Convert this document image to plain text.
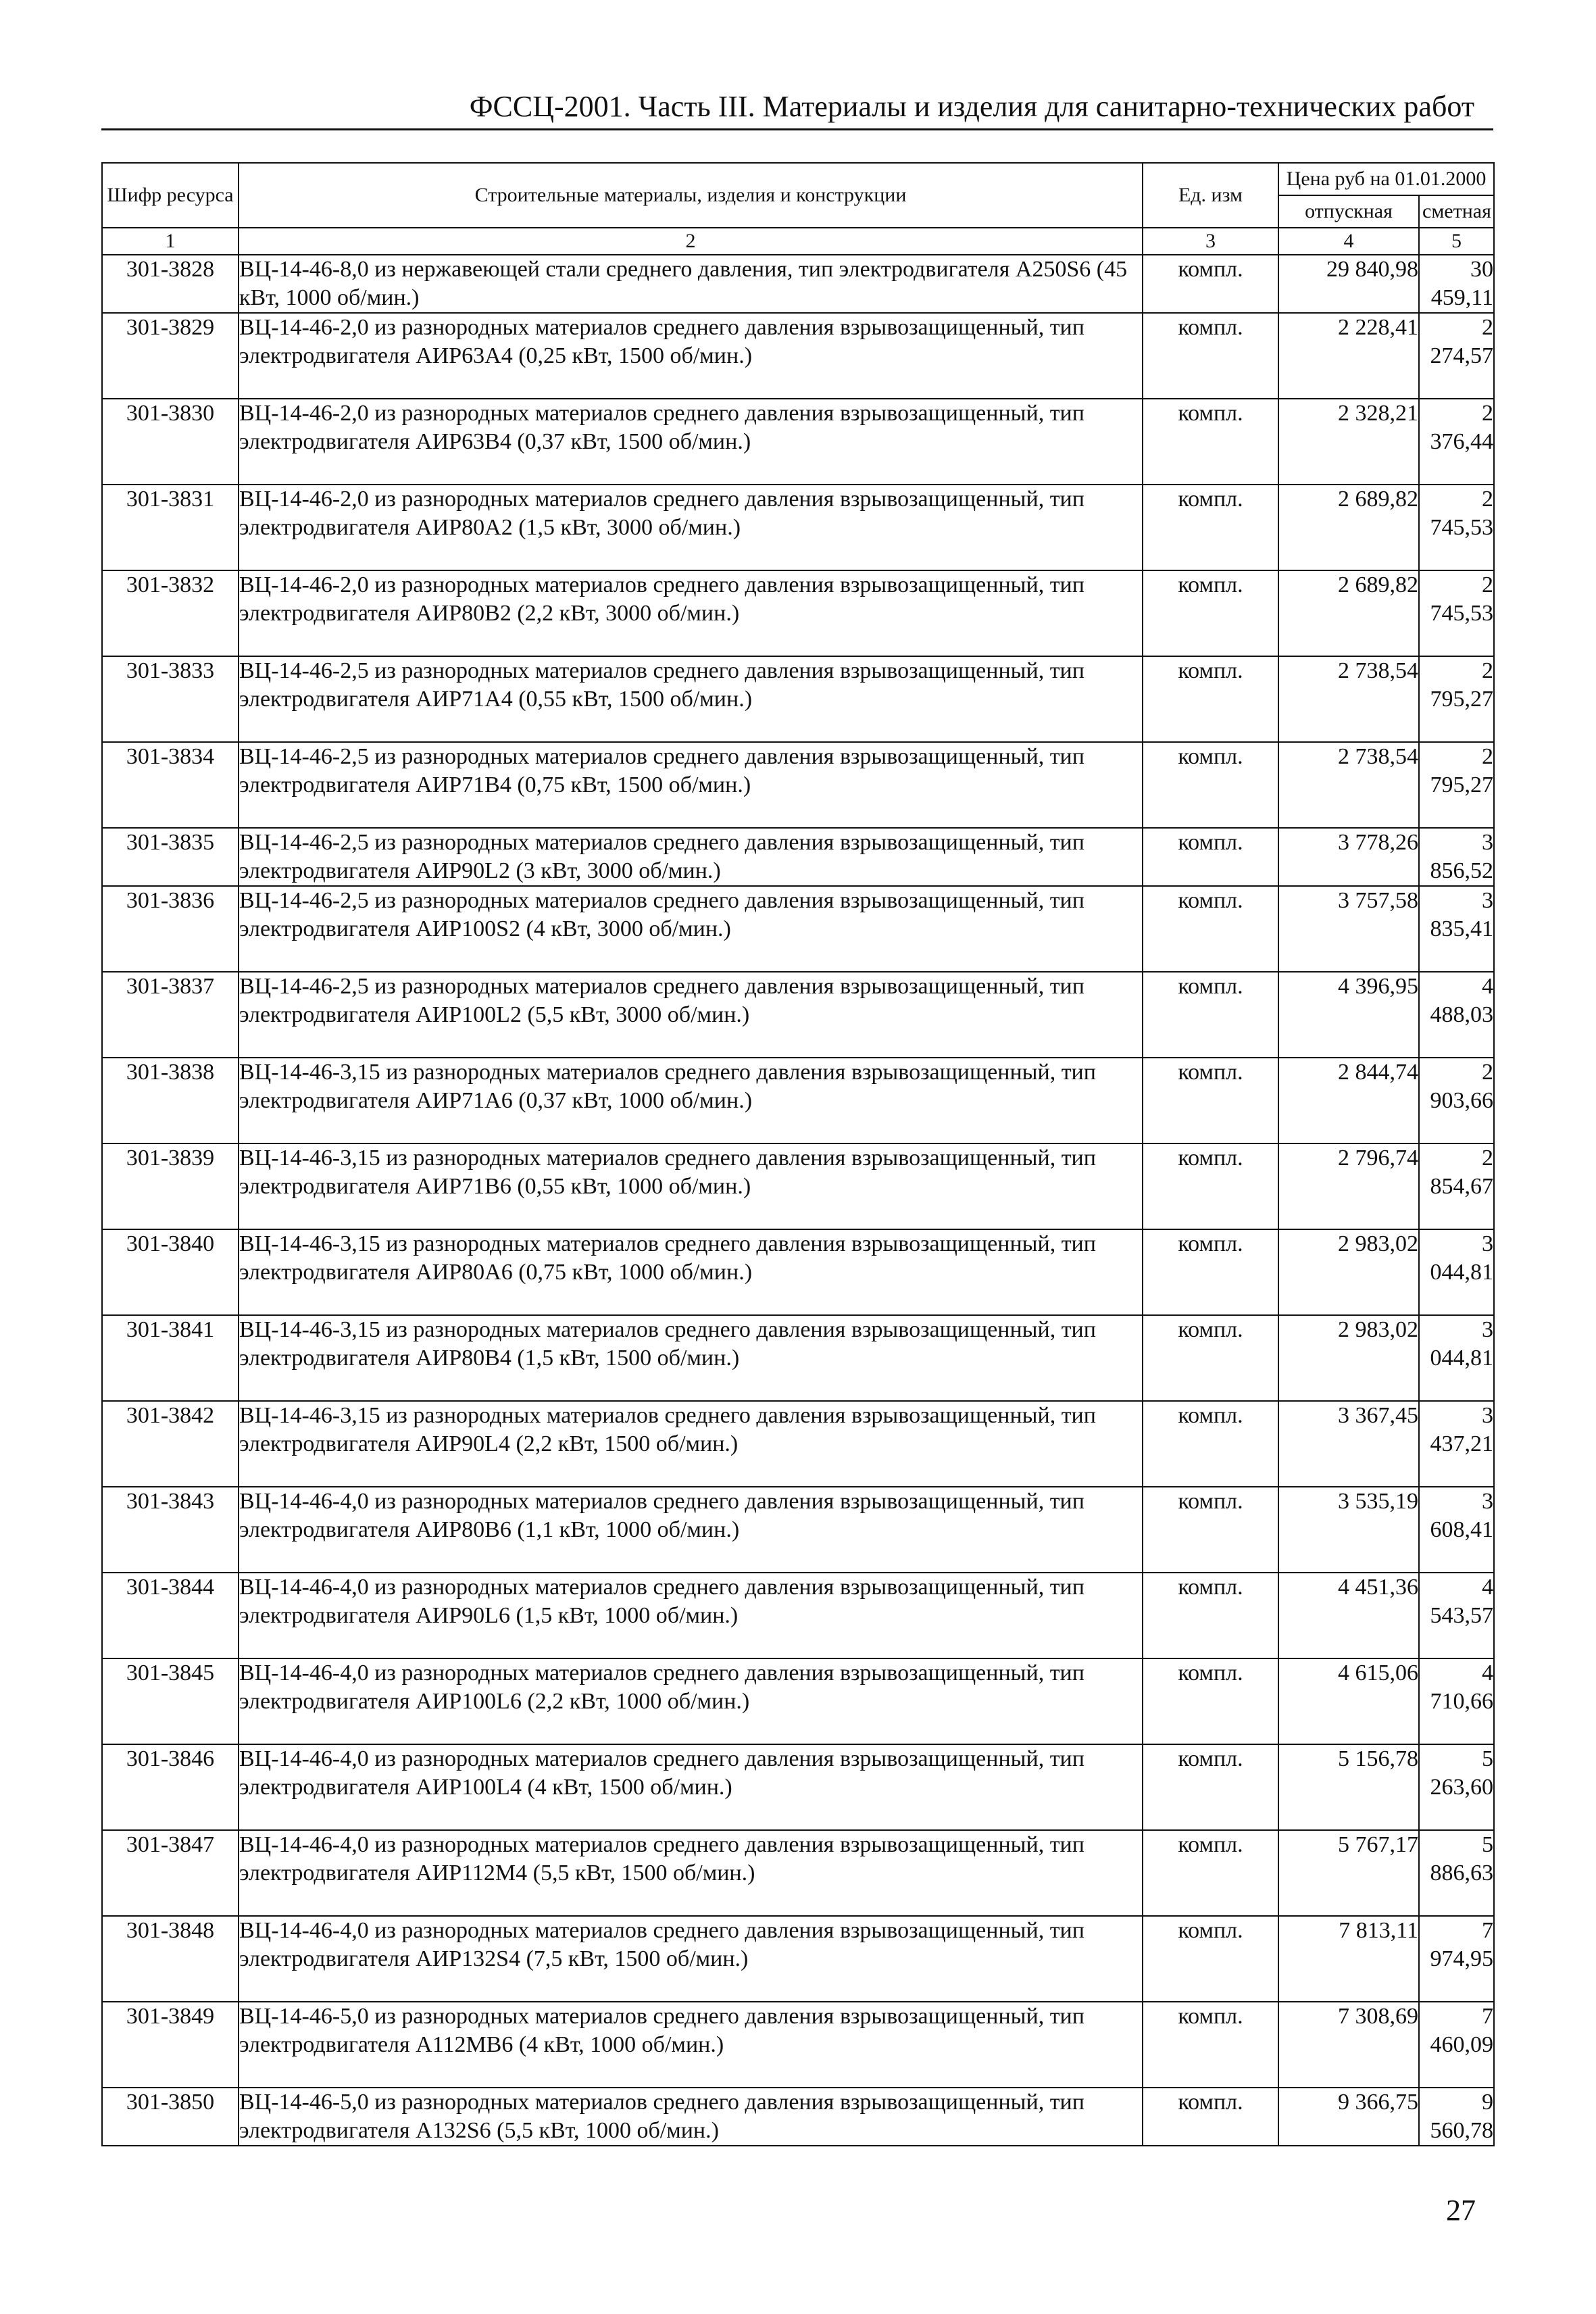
ФССЦ-2001. Часть III. Материалы и изделия для санитарно-технических работ
Шифр ресурса	Строительные материалы, изделия и конструкции	Ед. изм	Цена руб на 01.01.2000	
			отпускная	сметная
1	2	3	4	5
301-3828	ВЦ-14-46-8,0 из нержавеющей стали среднего давления, тип электродвигателя А250S6 (45 кВт, 1000 об/мин.)	компл.	29 840,98	30 459,11
301-3829	ВЦ-14-46-2,0 из разнородных материалов среднего давления взрывозащищенный, тип электродвигателя АИР63А4 (0,25 кВт, 1500 об/мин.)	компл.	2 228,41	2 274,57
301-3830	ВЦ-14-46-2,0 из разнородных материалов среднего давления взрывозащищенный, тип электродвигателя АИР63В4 (0,37 кВт, 1500 об/мин.)	компл.	2 328,21	2 376,44
301-3831	ВЦ-14-46-2,0 из разнородных материалов среднего давления взрывозащищенный, тип электродвигателя АИР80А2 (1,5 кВт, 3000 об/мин.)	компл.	2 689,82	2 745,53
301-3832	ВЦ-14-46-2,0 из разнородных материалов среднего давления взрывозащищенный, тип электродвигателя АИР80В2 (2,2 кВт, 3000 об/мин.)	компл.	2 689,82	2 745,53
301-3833	ВЦ-14-46-2,5 из разнородных материалов среднего давления взрывозащищенный, тип электродвигателя АИР71А4 (0,55 кВт, 1500 об/мин.)	компл.	2 738,54	2 795,27
301-3834	ВЦ-14-46-2,5 из разнородных материалов среднего давления взрывозащищенный, тип электродвигателя АИР71В4 (0,75 кВт, 1500 об/мин.)	компл.	2 738,54	2 795,27
301-3835	ВЦ-14-46-2,5 из разнородных материалов среднего давления взрывозащищенный, тип электродвигателя АИР90L2 (3 кВт, 3000 об/мин.)	компл.	3 778,26	3 856,52
301-3836	ВЦ-14-46-2,5 из разнородных материалов среднего давления взрывозащищенный, тип электродвигателя АИР100S2 (4 кВт, 3000 об/мин.)	компл.	3 757,58	3 835,41
301-3837	ВЦ-14-46-2,5 из разнородных материалов среднего давления взрывозащищенный, тип электродвигателя АИР100L2 (5,5 кВт, 3000 об/мин.)	компл.	4 396,95	4 488,03
301-3838	ВЦ-14-46-3,15 из разнородных материалов среднего давления взрывозащищенный, тип электродвигателя АИР71А6 (0,37 кВт, 1000 об/мин.)	компл.	2 844,74	2 903,66
301-3839	ВЦ-14-46-3,15 из разнородных материалов среднего давления взрывозащищенный, тип электродвигателя АИР71В6 (0,55 кВт, 1000 об/мин.)	компл.	2 796,74	2 854,67
301-3840	ВЦ-14-46-3,15 из разнородных материалов среднего давления взрывозащищенный, тип электродвигателя АИР80А6 (0,75 кВт, 1000 об/мин.)	компл.	2 983,02	3 044,81
301-3841	ВЦ-14-46-3,15 из разнородных материалов среднего давления взрывозащищенный, тип электродвигателя АИР80В4 (1,5 кВт, 1500 об/мин.)	компл.	2 983,02	3 044,81
301-3842	ВЦ-14-46-3,15 из разнородных материалов среднего давления взрывозащищенный, тип электродвигателя АИР90L4 (2,2 кВт, 1500 об/мин.)	компл.	3 367,45	3 437,21
301-3843	ВЦ-14-46-4,0 из разнородных материалов среднего давления взрывозащищенный, тип электродвигателя АИР80В6 (1,1 кВт, 1000 об/мин.)	компл.	3 535,19	3 608,41
301-3844	ВЦ-14-46-4,0 из разнородных материалов среднего давления взрывозащищенный, тип электродвигателя АИР90L6 (1,5 кВт, 1000 об/мин.)	компл.	4 451,36	4 543,57
301-3845	ВЦ-14-46-4,0 из разнородных материалов среднего давления взрывозащищенный, тип электродвигателя АИР100L6 (2,2 кВт, 1000 об/мин.)	компл.	4 615,06	4 710,66
301-3846	ВЦ-14-46-4,0 из разнородных материалов среднего давления взрывозащищенный, тип электродвигателя АИР100L4 (4 кВт, 1500 об/мин.)	компл.	5 156,78	5 263,60
301-3847	ВЦ-14-46-4,0 из разнородных материалов среднего давления взрывозащищенный, тип электродвигателя АИР112М4 (5,5 кВт, 1500 об/мин.)	компл.	5 767,17	5 886,63
301-3848	ВЦ-14-46-4,0 из разнородных материалов среднего давления взрывозащищенный, тип электродвигателя АИР132S4 (7,5 кВт, 1500 об/мин.)	компл.	7 813,11	7 974,95
301-3849	ВЦ-14-46-5,0 из разнородных материалов среднего давления взрывозащищенный, тип электродвигателя А112МВ6 (4 кВт, 1000 об/мин.)	компл.	7 308,69	7 460,09
301-3850	ВЦ-14-46-5,0 из разнородных материалов среднего давления взрывозащищенный, тип электродвигателя А132S6 (5,5 кВт, 1000 об/мин.)	компл.	9 366,75	9 560,78
27
